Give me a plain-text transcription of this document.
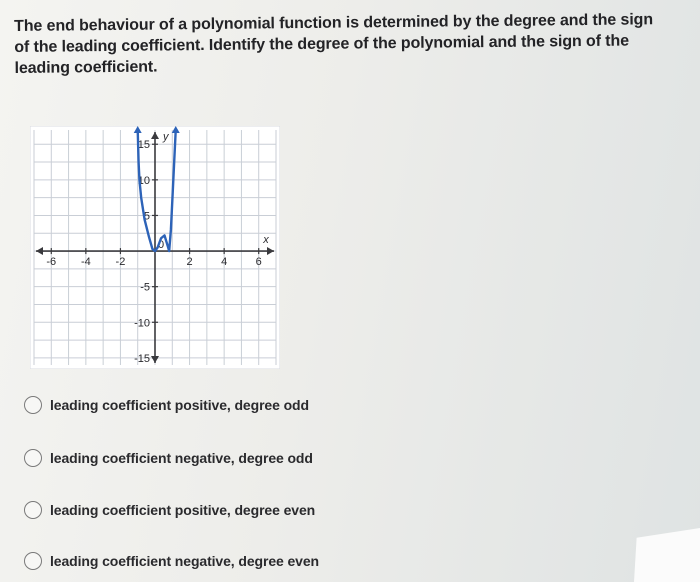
The end behaviour of a polynomial function is determined by the degree and the sign
of the leading coefficient. Identify the degree of the polynomial and the sign of the
leading coefficient.
-6 -4 -2	2	4	6
15
10
5
-5
-10
-15
0	x
y
leading coefficient positive, degree odd
leading coefficient negative, degree odd
leading coefficient positive, degree even
leading coefficient negative, degree even
